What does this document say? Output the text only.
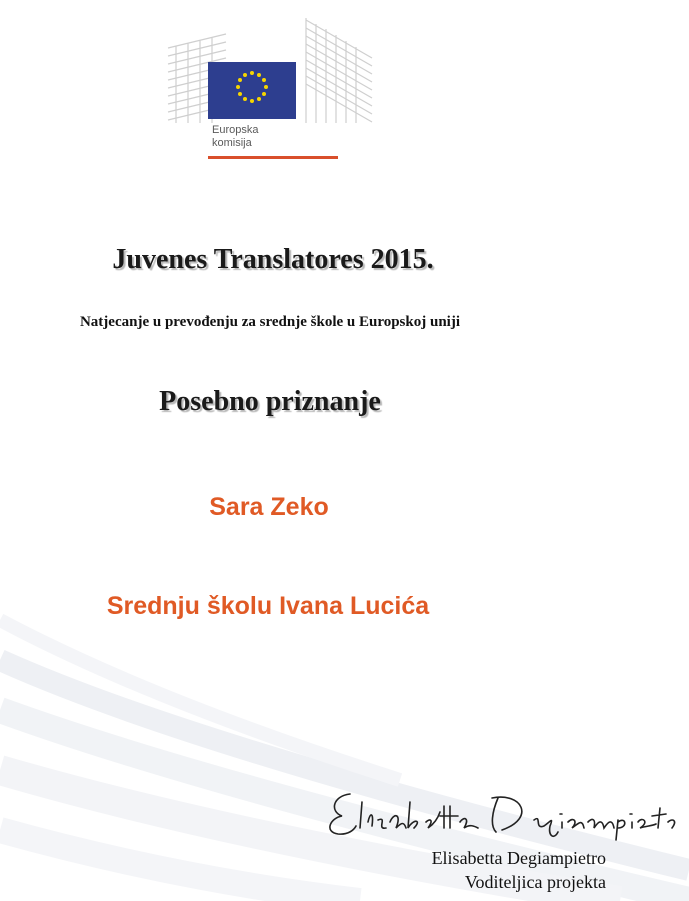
Europska
komisija
Juvenes Translatores 2015.
Natjecanje u prevođenju za srednje škole u Europskoj uniji
Posebno priznanje
Sara Zeko
Srednju školu Ivana Lucića
Elisabetta Degiampietro
Voditeljica projekta
